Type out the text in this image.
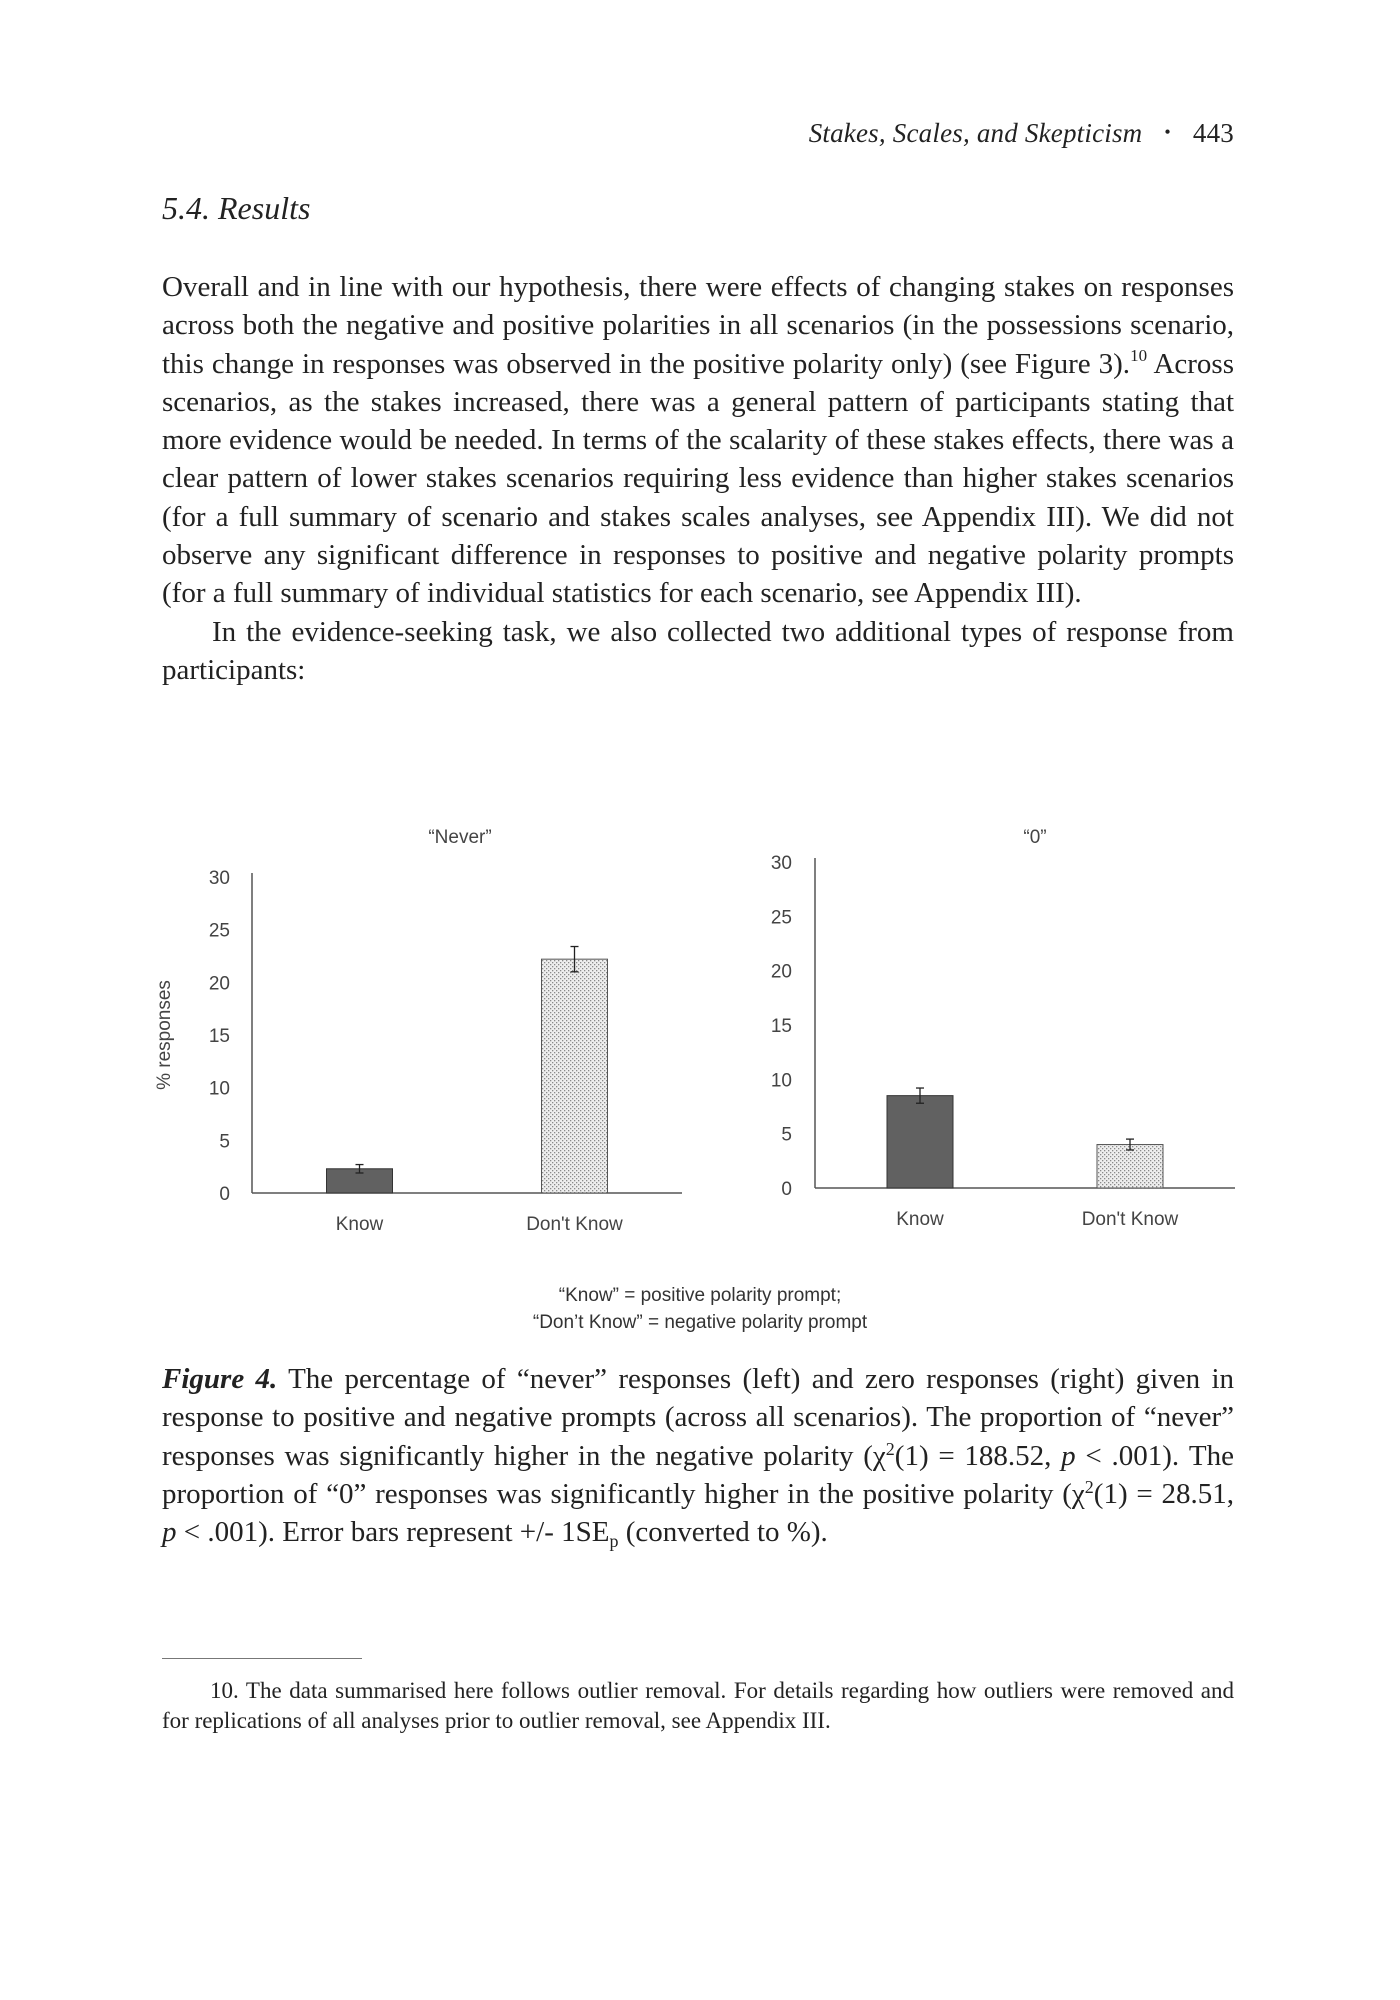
Stakes, Scales, and Skepticism • 443
5.4. Results

Overall and in line with our hypothesis, there were effects of changing stakes on responses across both the negative and positive polarities in all scenarios (in the possessions scenario, this change in responses was observed in the positive polarity only) (see Figure 3).$^{10}$ Across scenarios, as the stakes increased, there was a general pattern of participants stating that more evidence would be needed. In terms of the scalarity of these stakes effects, there was a clear pattern of lower stakes scenarios requiring less evidence than higher stakes scenarios (for a full summary of scenario and stakes scales analyses, see Appendix III). We did not observe any significant difference in responses to positive and negative polarity prompts (for a full summary of individual statistics for each scenario, see Appendix III).

In the evidence-seeking task, we also collected two additional types of response from participants:

“Never”
% responses
0
5
10
15
20
25
30
Know	Don't Know
“0”
0
5
10
15
20
25
30
Know	Don't Know
“Know” = positive polarity prompt;
“Don’t Know” = negative polarity prompt
Figure 4. The percentage of “never” responses (left) and zero responses (right) given in response to positive and negative prompts (across all scenarios). The proportion of “never” responses was significantly higher in the negative polarity ($\chi^2(1) = 188.52$, p < .001). The proportion of “0” responses was significantly higher in the positive polarity ($\chi^2(1) = 28.51$, p < .001). Error bars represent +/- $1SE_p$ (converted to %).
10. The data summarised here follows outlier removal. For details regarding how outliers were removed and for replications of all analyses prior to outlier removal, see Appendix III.
